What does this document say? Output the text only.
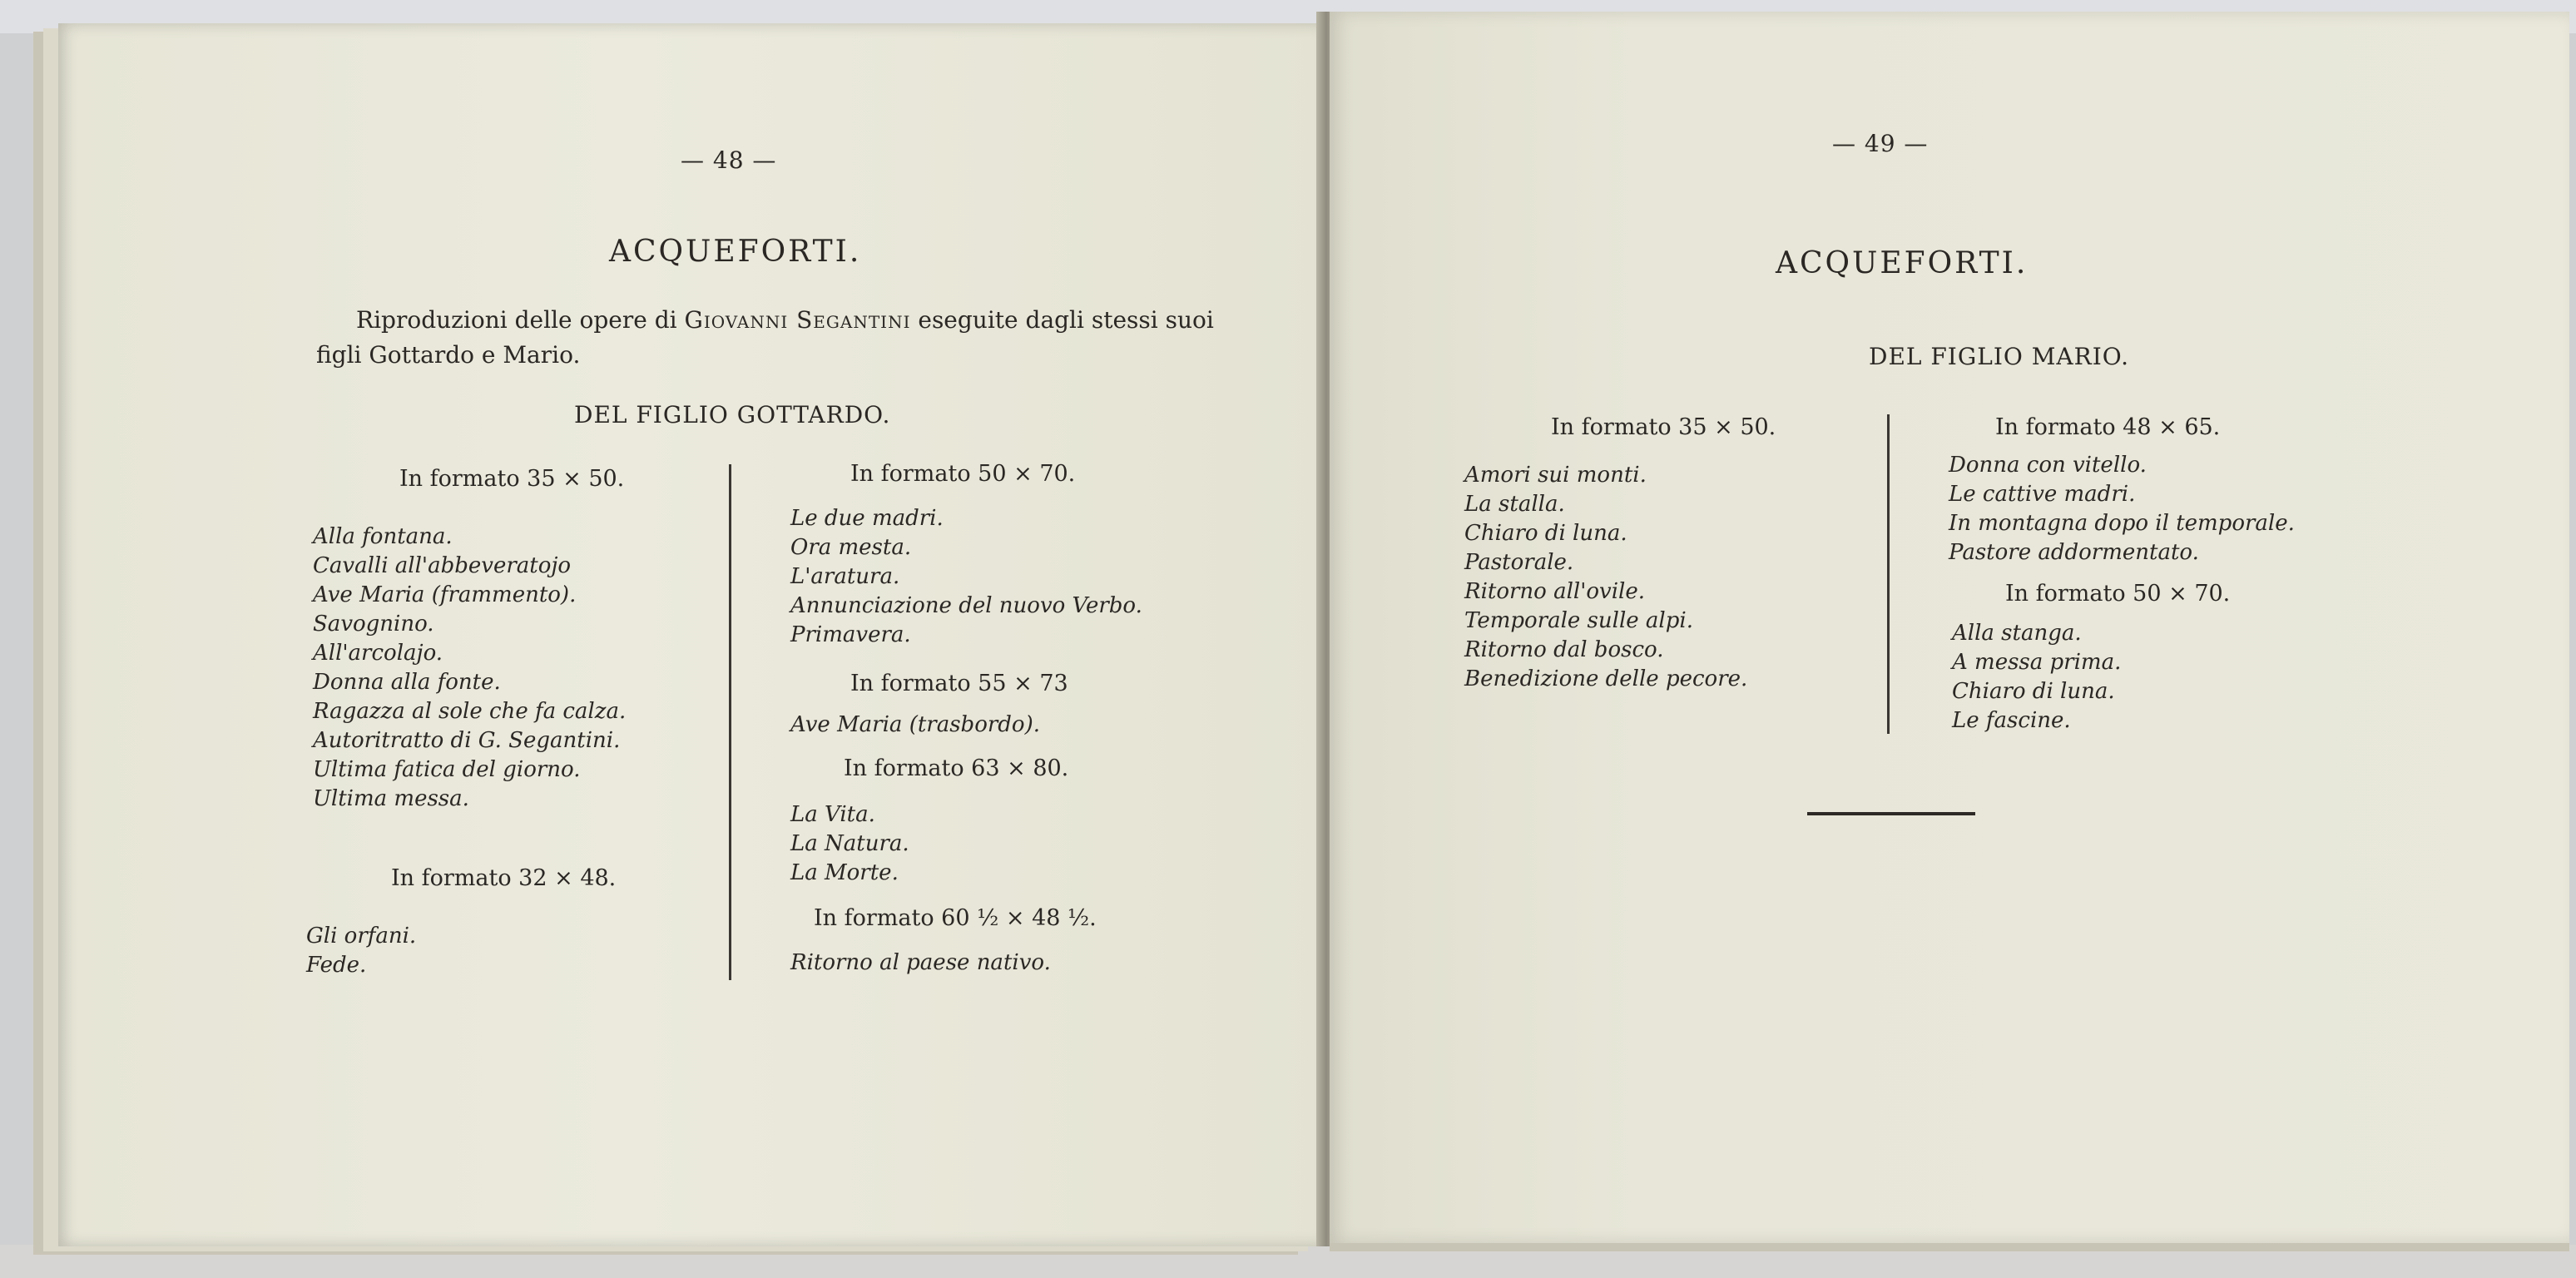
— 48 —
ACQUEFORTI.
Riproduzioni delle opere di Giovanni Segantini eseguite dagli stessi suoi figli Gottardo e Mario.
DEL FIGLIO GOTTARDO.
In formato 35 ⨯ 50.
Alla fontana.
Cavalli all'abbeveratojo
Ave Maria (frammento).
Savognino.
All'arcolajo.
Donna alla fonte.
Ragazza al sole che fa calza.
Autoritratto di G. Segantini.
Ultima fatica del giorno.
Ultima messa.
In formato 32 ⨯ 48.
Gli orfani.
Fede.
In formato 50 ⨯ 70.
Le due madri.
Ora mesta.
L'aratura.
Annunciazione del nuovo Verbo.
Primavera.
In formato 55 ⨯ 73
Ave Maria (trasbordo).
In formato 63 ⨯ 80.
La Vita.
La Natura.
La Morte.
In formato 60 ½ ⨯ 48 ½.
Ritorno al paese nativo.
— 49 —
ACQUEFORTI.
DEL FIGLIO MARIO.
In formato 35 ⨯ 50.
Amori sui monti.
La stalla.
Chiaro di luna.
Pastorale.
Ritorno all'ovile.
Temporale sulle alpi.
Ritorno dal bosco.
Benedizione delle pecore.
In formato 48 ⨯ 65.
Donna con vitello.
Le cattive madri.
In montagna dopo il temporale.
Pastore addormentato.
In formato 50 ⨯ 70.
Alla stanga.
A messa prima.
Chiaro di luna.
Le fascine.
